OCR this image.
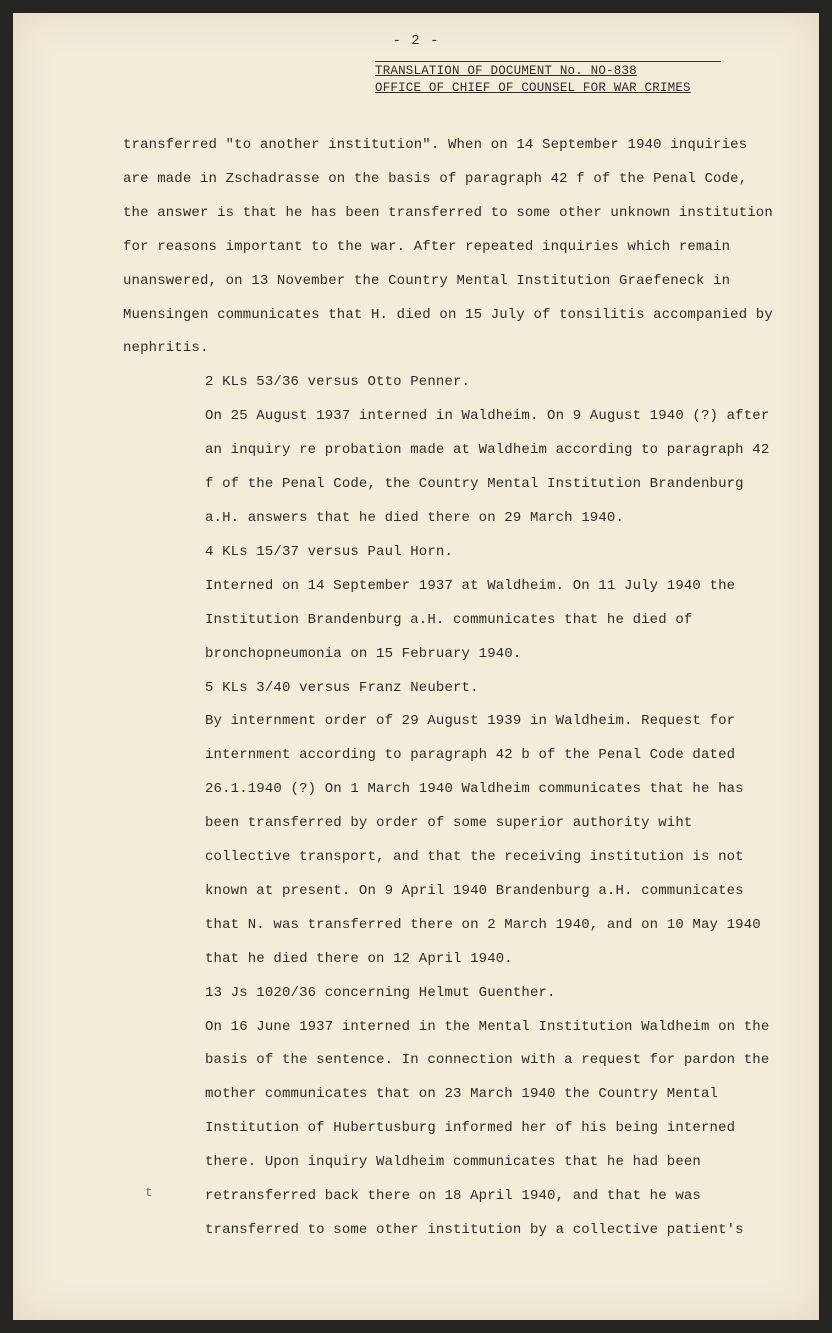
- 2 -
TRANSLATION OF DOCUMENT No. NO-838
OFFICE OF CHIEF OF COUNSEL FOR WAR CRIMES

transferred "to another institution". When on 14 September 1940 inquiries are made in Zschadrasse on the basis of paragraph 42 f of the Penal Code, the answer is that he has been transferred to some other unknown institution for reasons important to the war. After repeated inquiries which remain unanswered, on 13 November the Country Mental Institution Graefeneck in Muensingen communicates that H. died on 15 July of tonsilitis accompanied by nephritis.

2 KLs 53/36 versus Otto Penner.

On 25 August 1937 interned in Waldheim. On 9 August 1940 (?) after an inquiry re probation made at Waldheim according to paragraph 42 f of the Penal Code, the Country Mental Institution Brandenburg a.H. answers that he died there on 29 March 1940.

4 KLs 15/37 versus Paul Horn.

Interned on 14 September 1937 at Waldheim. On 11 July 1940 the Institution Brandenburg a.H. communicates that he died of bronchopneumonia on 15 February 1940.

5 KLs 3/40 versus Franz Neubert.

By internment order of 29 August 1939 in Waldheim. Request for internment according to paragraph 42 b of the Penal Code dated 26.1.1940 (?) On 1 March 1940 Waldheim communicates that he has been transferred by order of some superior authority wiht collective transport, and that the receiving institution is not known at present. On 9 April 1940 Brandenburg a.H. communicates that N. was transferred there on 2 March 1940, and on 10 May 1940 that he died there on 12 April 1940.

13 Js 1020/36 concerning Helmut Guenther.

On 16 June 1937 interned in the Mental Institution Waldheim on the basis of the sentence. In connection with a request for pardon the mother communicates that on 23 March 1940 the Country Mental Institution of Hubertusburg informed her of his being interned there. Upon inquiry Waldheim communicates that he had been retransferred back there on 18 April 1940, and that he was transferred to some other institution by a collective patient's

t
